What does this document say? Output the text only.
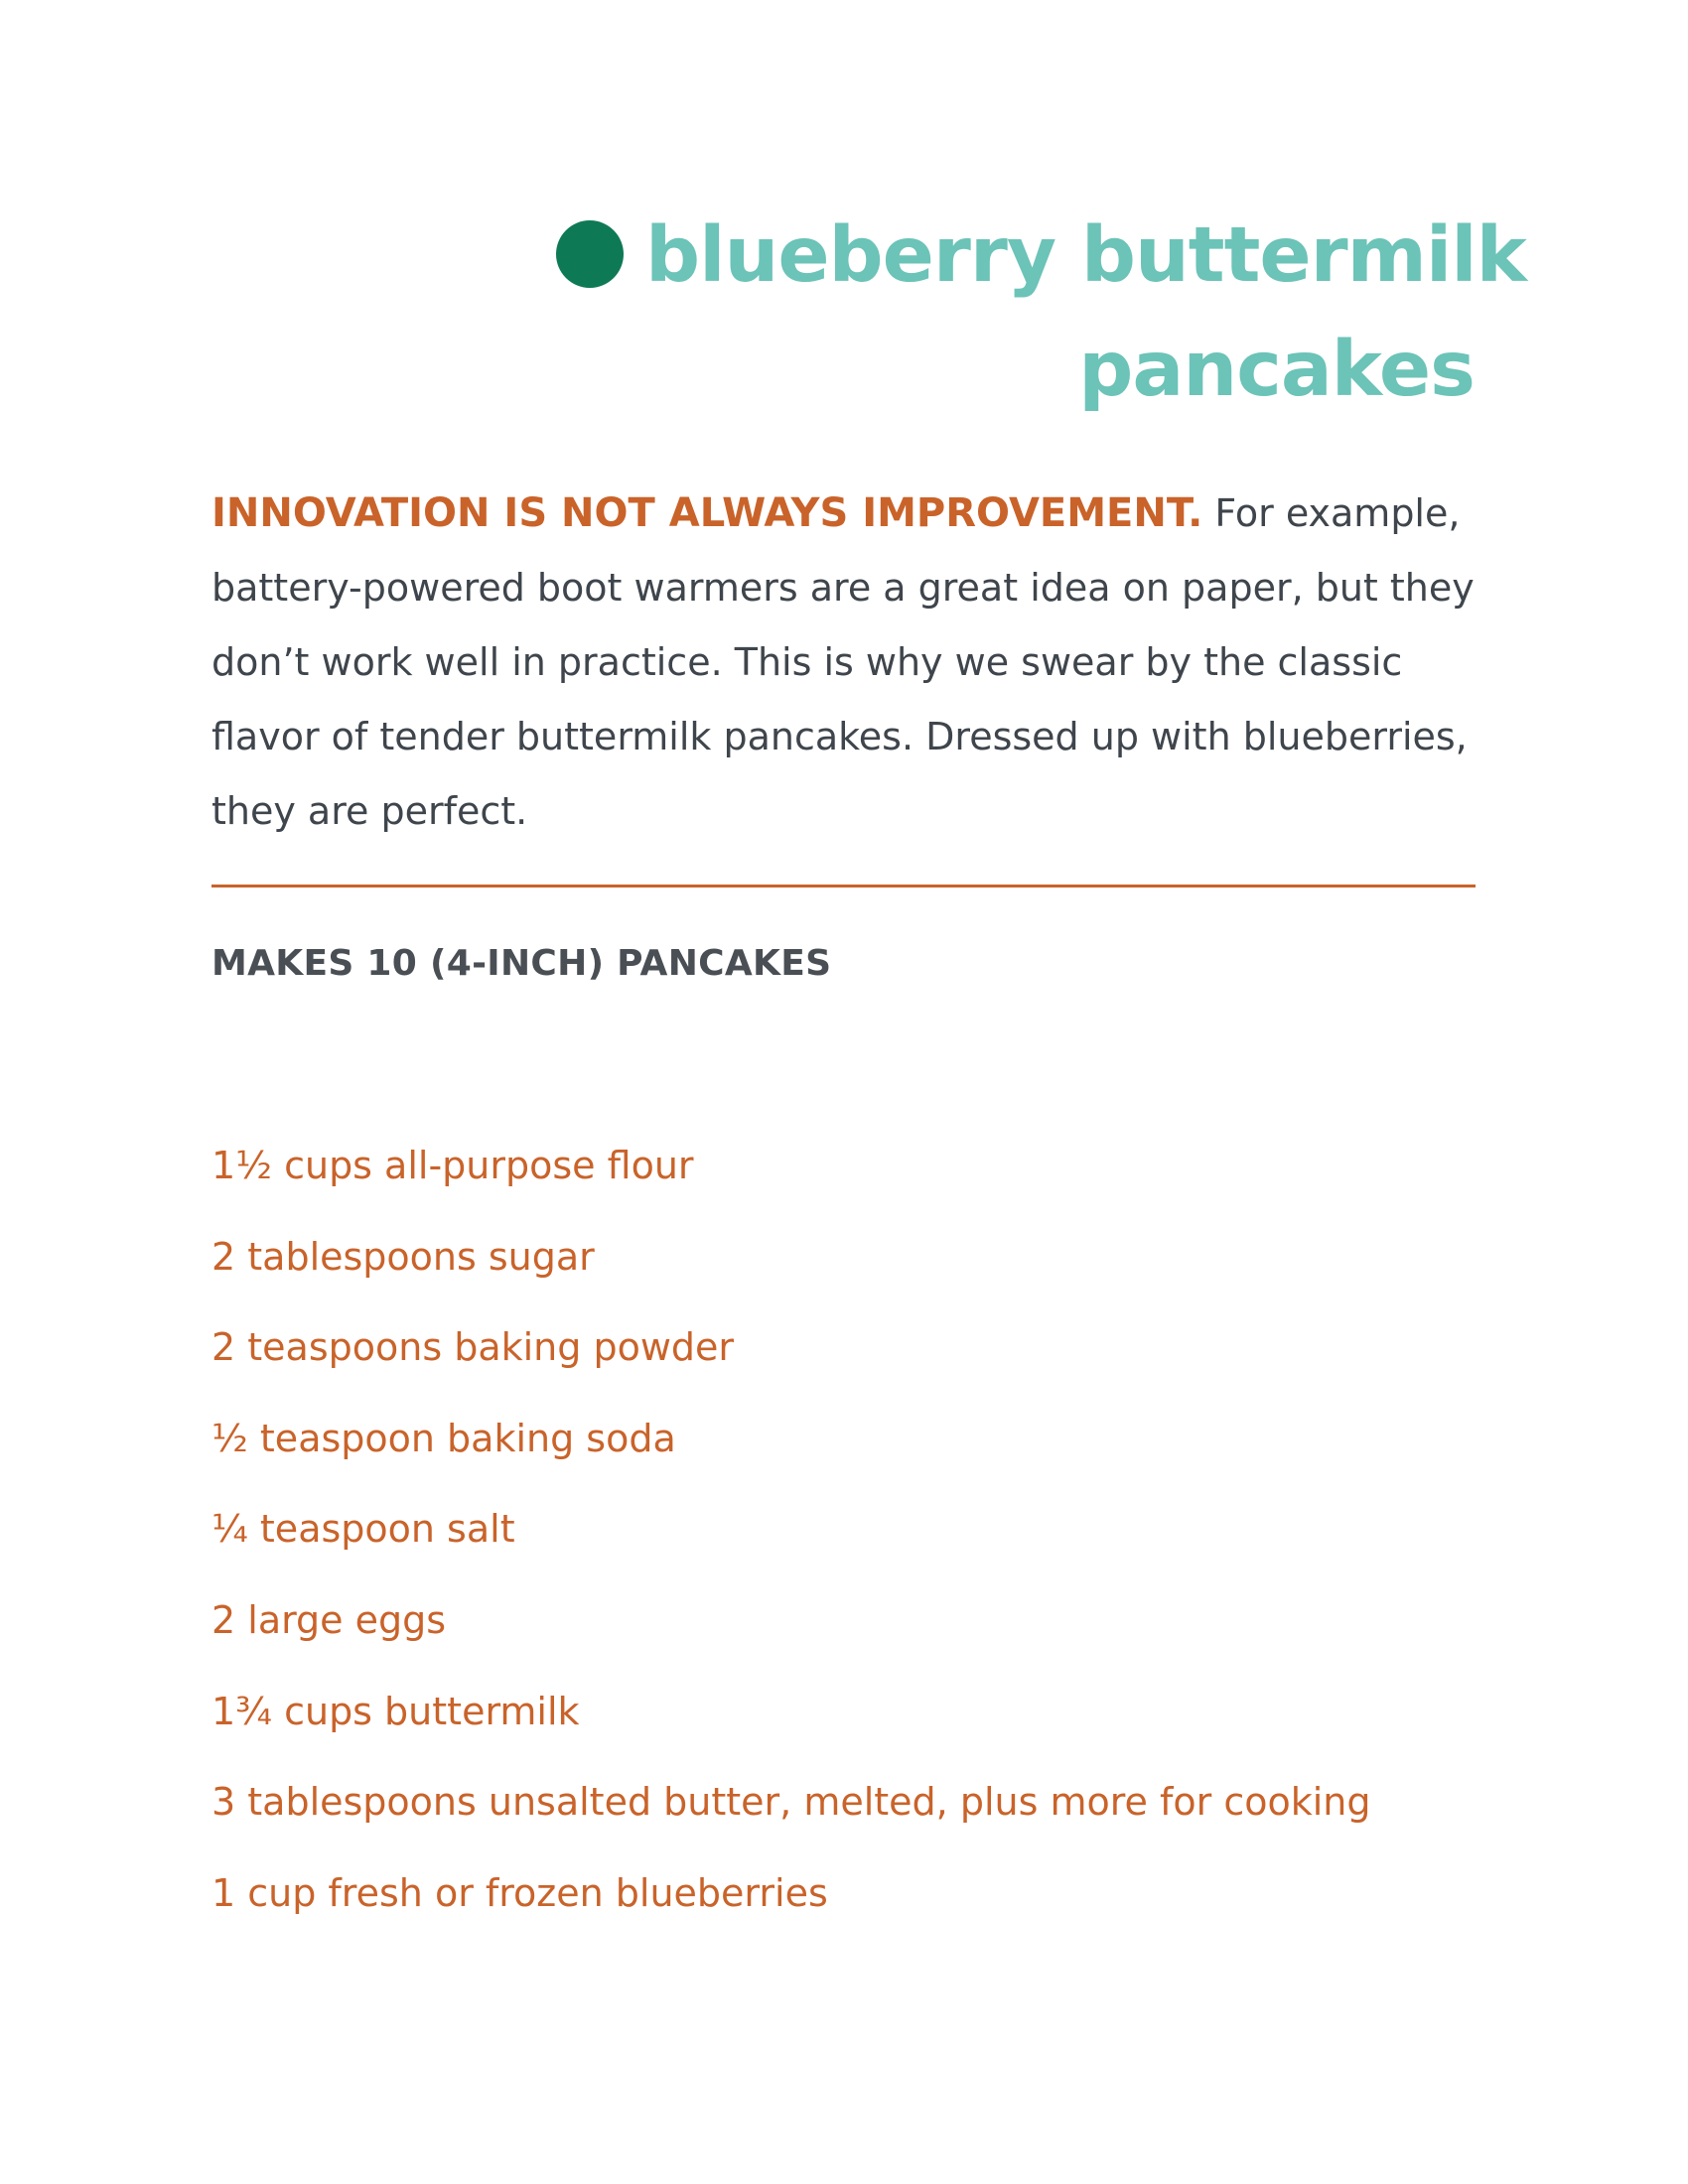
blueberry buttermilk
pancakes
INNOVATION IS NOT ALWAYS IMPROVEMENT. For example, battery-powered boot warmers are a great idea on paper, but they don’t work well in practice. This is why we swear by the classic flavor of tender buttermilk pancakes. Dressed up with blueberries, they are perfect.
MAKES 10 (4-INCH) PANCAKES
1½ cups all-purpose flour
2 tablespoons sugar
2 teaspoons baking powder
½ teaspoon baking soda
¼ teaspoon salt
2 large eggs
1¾ cups buttermilk
3 tablespoons unsalted butter, melted, plus more for cooking
1 cup fresh or frozen blueberries
